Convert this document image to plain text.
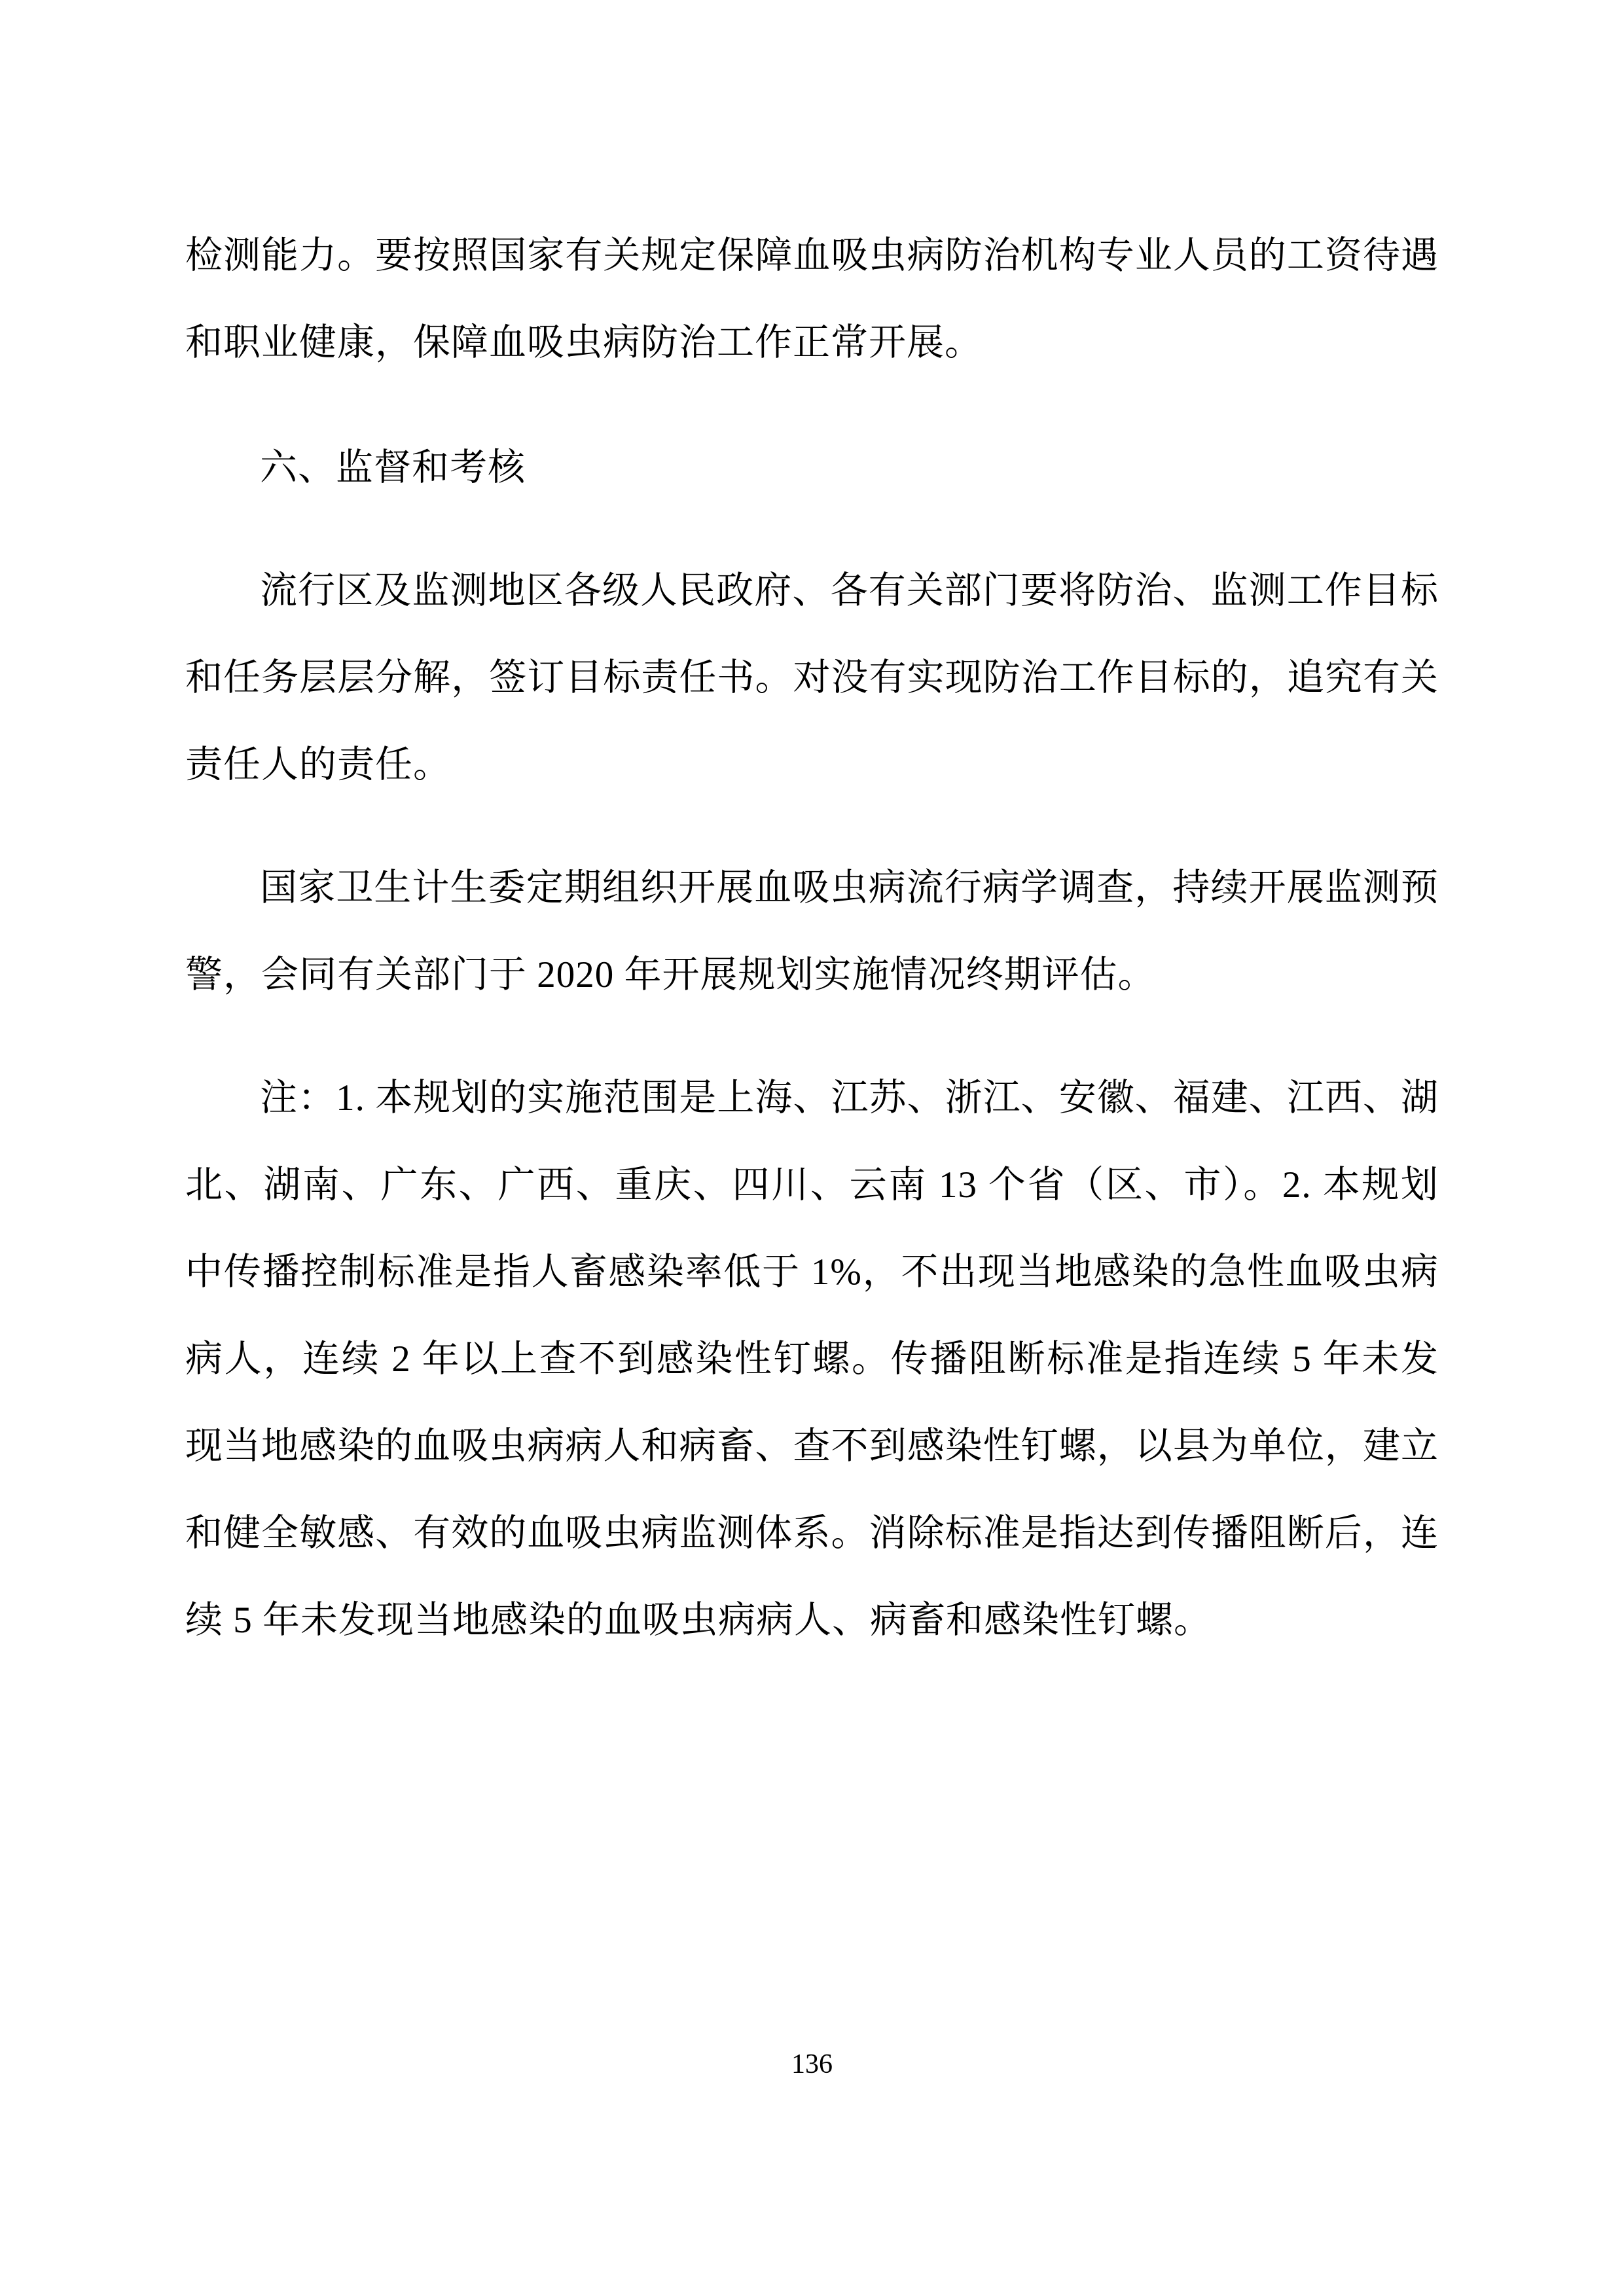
检测能力。要按照国家有关规定保障血吸虫病防治机构专业人员的工资待遇和职业健康，保障血吸虫病防治工作正常开展。

六、监督和考核

流行区及监测地区各级人民政府、各有关部门要将防治、监测工作目标和任务层层分解，签订目标责任书。对没有实现防治工作目标的，追究有关责任人的责任。

国家卫生计生委定期组织开展血吸虫病流行病学调查，持续开展监测预警，会同有关部门于 2020 年开展规划实施情况终期评估。

注：1. 本规划的实施范围是上海、江苏、浙江、安徽、福建、江西、湖北、湖南、广东、广西、重庆、四川、云南 13 个省（区、市）。2. 本规划中传播控制标准是指人畜感染率低于 1%，不出现当地感染的急性血吸虫病病人，连续 2 年以上查不到感染性钉螺。传播阻断标准是指连续 5 年未发现当地感染的血吸虫病病人和病畜、查不到感染性钉螺，以县为单位，建立和健全敏感、有效的血吸虫病监测体系。消除标准是指达到传播阻断后，连续 5 年未发现当地感染的血吸虫病病人、病畜和感染性钉螺。

136
